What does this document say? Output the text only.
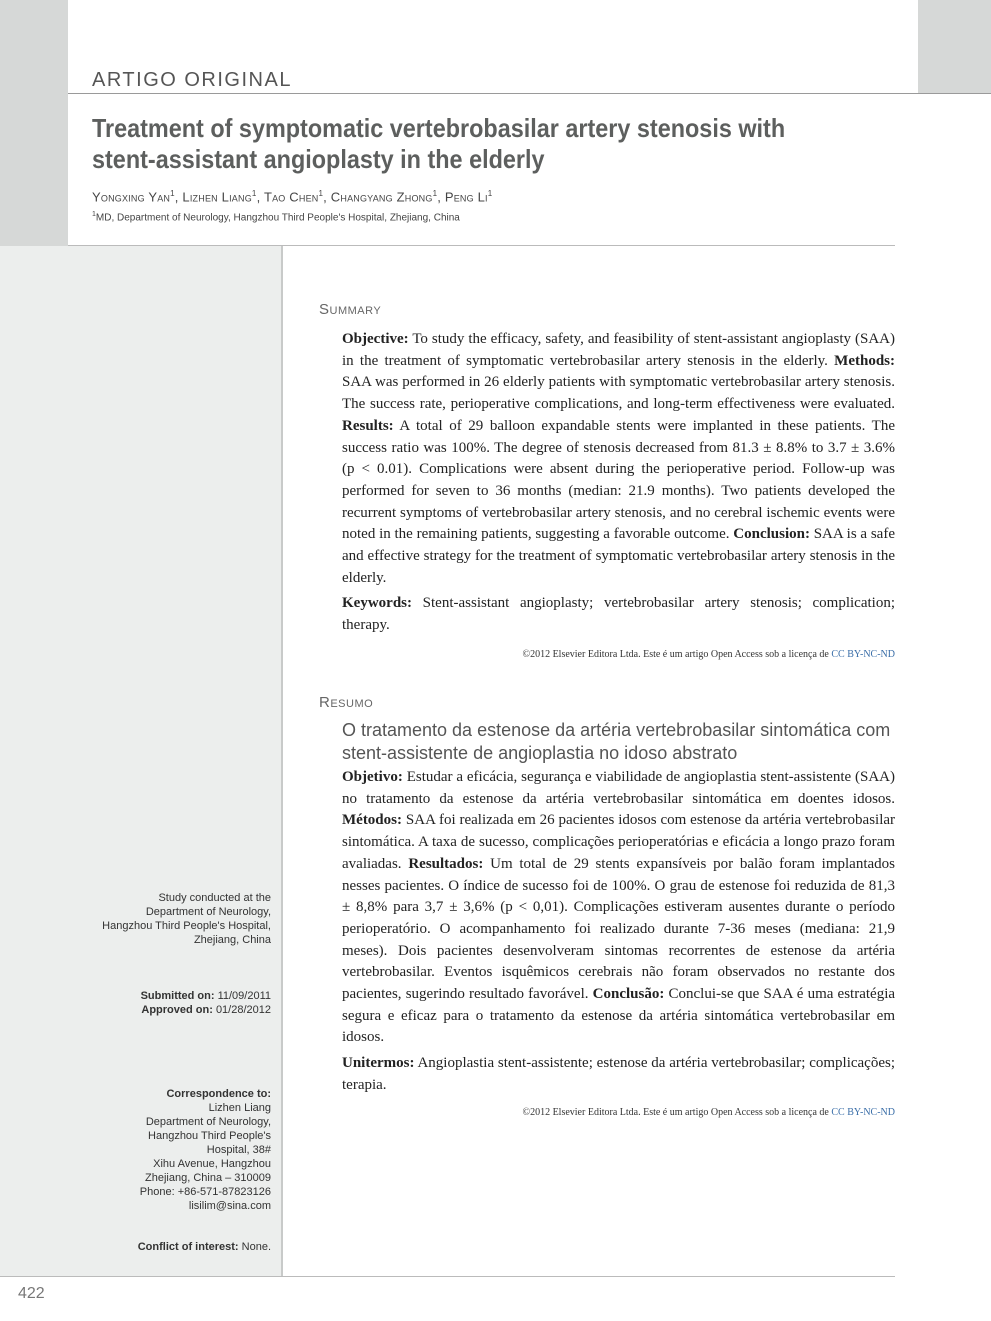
ARTIGO ORIGINAL
Treatment of symptomatic vertebrobasilar artery stenosis with stent-assistant angioplasty in the elderly
Yongxing Yan$^1$, Lizhen Liang$^1$, Tao Chen$^1$, Changyang Zhong$^1$, Peng Li$^1$
$^1$MD, Department of Neurology, Hangzhou Third People's Hospital, Zhejiang, China
Study conducted at the
Department of Neurology,
Hangzhou Third People's Hospital,
Zhejiang, China
Submitted on: 11/09/2011
Approved on: 01/28/2012
Correspondence to:
Lizhen Liang
Department of Neurology,
Hangzhou Third People's
Hospital, 38#
Xihu Avenue, Hangzhou
Zhejiang, China – 310009
Phone: +86-571-87823126
lisilim@sina.com
Conflict of interest: None.
Summary
Objective: To study the efficacy, safety, and feasibility of stent-assistant angioplasty (SAA) in the treatment of symptomatic vertebrobasilar artery stenosis in the elderly. Methods: SAA was performed in 26 elderly patients with symptomatic vertebrobasilar artery stenosis. The success rate, perioperative complications, and long-term effectiveness were evaluated. Results: A total of 29 balloon expandable stents were implanted in these patients. The success ratio was 100%. The degree of stenosis decreased from 81.3 ± 8.8% to 3.7 ± 3.6% (p < 0.01). Complications were absent during the perioperative period. Follow-up was performed for seven to 36 months (median: 21.9 months). Two patients developed the recurrent symptoms of vertebrobasilar artery stenosis, and no cerebral ischemic events were noted in the remaining patients, suggesting a favorable outcome. Conclusion: SAA is a safe and effective strategy for the treatment of symptomatic vertebrobasilar artery stenosis in the elderly.
Keywords: Stent-assistant angioplasty; vertebrobasilar artery stenosis; complication; therapy.
©2012 Elsevier Editora Ltda. Este é um artigo Open Access sob a licença de CC BY-NC-ND
Resumo
O tratamento da estenose da artéria vertebrobasilar sintomática com stent-assistente de angioplastia no idoso abstrato
Objetivo: Estudar a eficácia, segurança e viabilidade de angioplastia stent-assistente (SAA) no tratamento da estenose da artéria vertebrobasilar sintomática em doentes idosos. Métodos: SAA foi realizada em 26 pacientes idosos com estenose da artéria vertebrobasilar sintomática. A taxa de sucesso, complicações perioperatórias e eficácia a longo prazo foram avaliadas. Resultados: Um total de 29 stents expansíveis por balão foram implantados nesses pacientes. O índice de sucesso foi de 100%. O grau de estenose foi reduzida de 81,3 ± 8,8% para 3,7 ± 3,6% (p < 0,01). Complicações estiveram ausentes durante o período perioperatório. O acompanhamento foi realizado durante 7-36 meses (mediana: 21,9 meses). Dois pacientes desenvolveram sintomas recorrentes de estenose da artéria vertebrobasilar. Eventos isquêmicos cerebrais não foram observados no restante dos pacientes, sugerindo resultado favorável. Conclusão: Conclui-se que SAA é uma estratégia segura e eficaz para o tratamento da estenose da artéria sintomática vertebrobasilar em idosos.
Unitermos: Angioplastia stent-assistente; estenose da artéria vertebrobasilar; complicações; terapia.
©2012 Elsevier Editora Ltda. Este é um artigo Open Access sob a licença de CC BY-NC-ND
422
